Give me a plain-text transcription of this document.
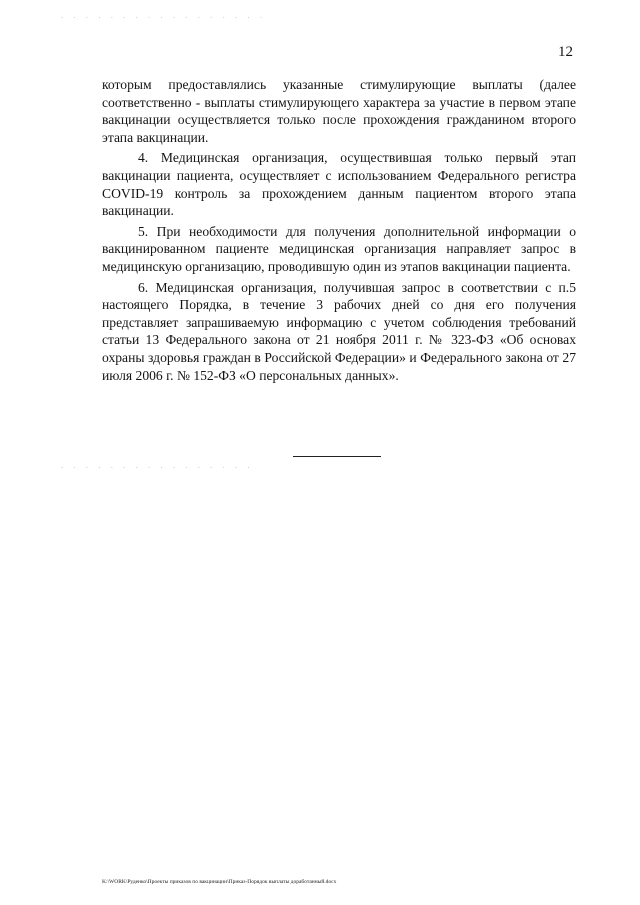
. . . . . . . . . . . . . . . . .
. . . . . . . . . . . . . . . .
12

которым предоставлялись указанные стимулирующие выплаты (далее соответственно - выплаты стимулирующего характера за участие в первом этапе вакцинации осуществляется только после прохождения гражданином второго этапа вакцинации.

4. Медицинская организация, осуществившая только первый этап вакцинации пациента, осуществляет с использованием Федерального регистра COVID-19 контроль за прохождением данным пациентом второго этапа вакцинации.

5. При необходимости для получения дополнительной информации о вакцинированном пациенте медицинская организация направляет запрос в медицинскую организацию, проводившую один из этапов вакцинации пациента.

6. Медицинская организация, получившая запрос в соответствии с п.5 настоящего Порядка, в течение 3 рабочих дней со дня его получения представляет запрашиваемую информацию с учетом соблюдения требований статьи 13 Федерального закона от 21 ноября 2011 г. № 323-ФЗ «Об основах охраны здоровья граждан в Российской Федерации» и Федерального закона от 27 июля 2006 г. № 152-ФЗ «О персональных данных».

K:\WORK\Руденко\Проекты приказов по вакцинации\Приказ-Порядок выплаты доработанный.docx
